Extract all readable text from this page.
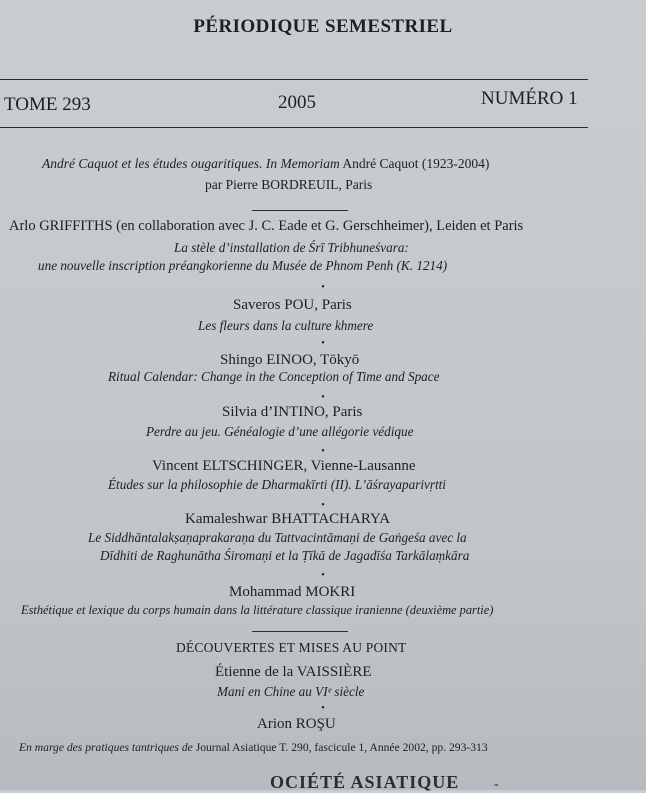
PÉRIODIQUE SEMESTRIEL
TOME 293	2005	NUMÉRO 1
André Caquot et les études ougaritiques. In Memoriam André Caquot (1923-2004)
par Pierre BORDREUIL, Paris
Arlo GRIFFITHS (en collaboration avec J. C. Eade et G. Gerschheimer), Leiden et Paris
La stèle d’installation de Śrī Tribhuneśvara:
une nouvelle inscription préangkorienne du Musée de Phnom Penh (K. 1214)
•
Saveros POU, Paris
Les fleurs dans la culture khmere
•
Shingo EINOO, Tōkyō
Ritual Calendar: Change in the Conception of Time and Space
•
Silvia d’INTINO, Paris
Perdre au jeu. Généalogie d’une allégorie védique
•
Vincent ELTSCHINGER, Vienne-Lausanne
Études sur la philosophie de Dharmakīrti (II). L’āśrayaparivṛtti
•
Kamaleshwar BHATTACHARYA
Le Siddhāntalakṣaṇaprakaraṇa du Tattvacintāmaṇi de Gaṅgeśa avec la
Dīdhiti de Raghunātha Śiromaṇi et la Ṭīkā de Jagadīśa Tarkālaṃkāra
•
Mohammad MOKRI
Esthétique et lexique du corps humain dans la littérature classique iranienne (deuxième partie)
DÉCOUVERTES ET MISES AU POINT
Étienne de la VAISSIÈRE
Mani en Chine au VIᵉ siècle
•
Arion ROŞU
En marge des pratiques tantriques de Journal Asiatique T. 290, fascicule 1, Année 2002, pp. 293-313
OCIÉTÉ ASIATIQUE -
